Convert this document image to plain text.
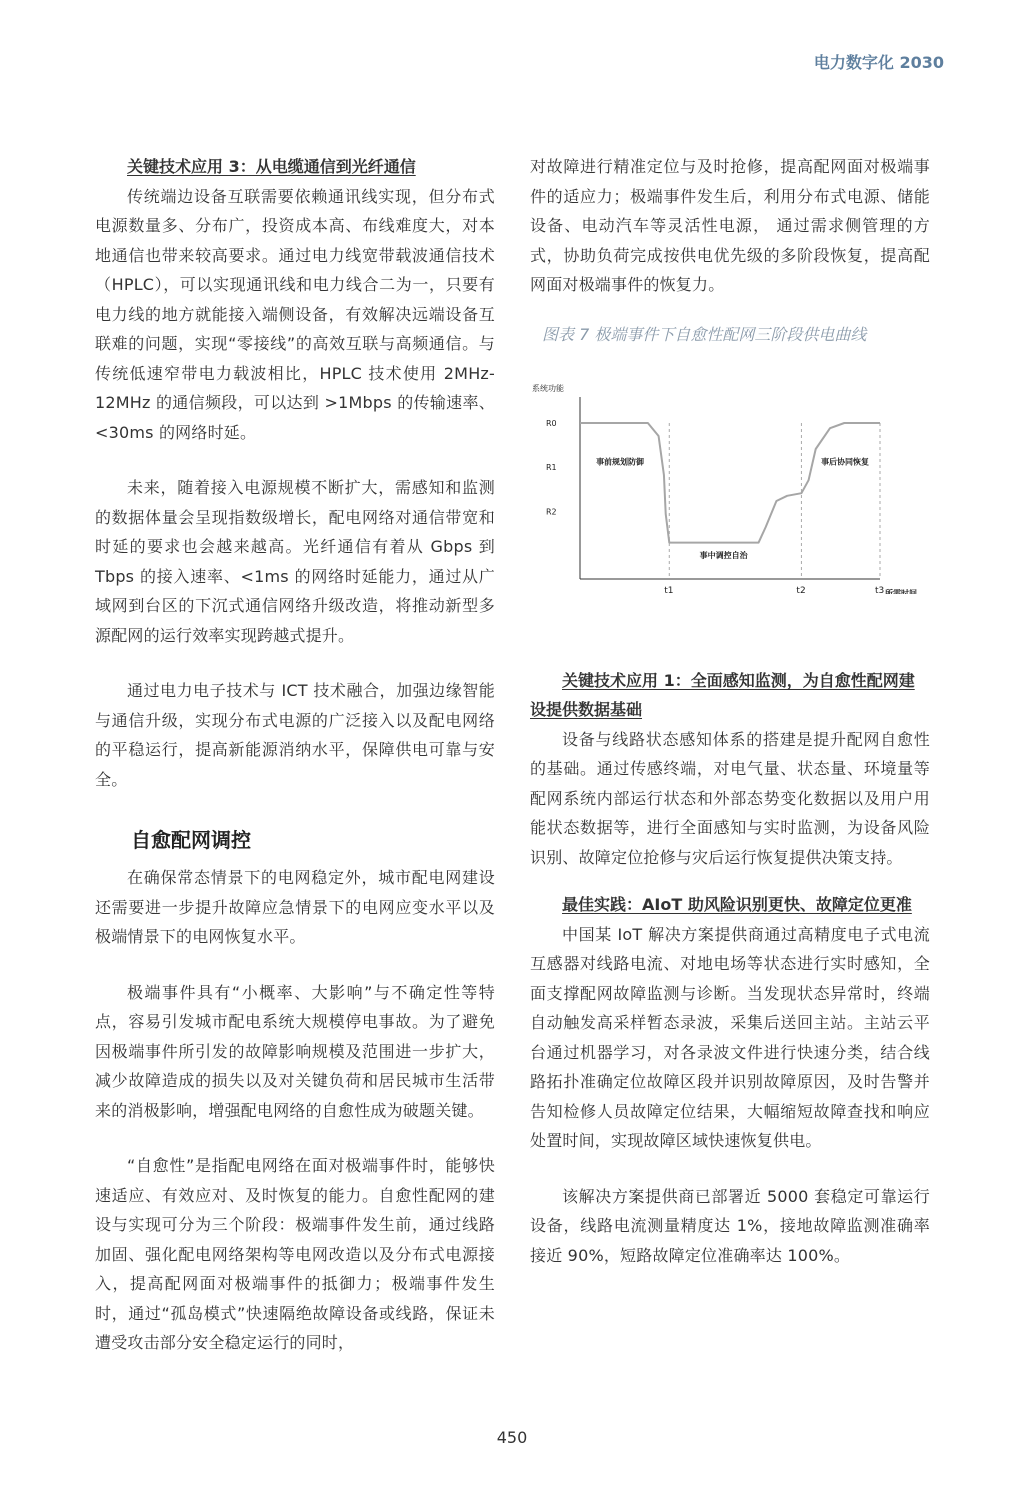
电力数字化 2030

关键技术应用 3：从电缆通信到光纤通信

传统端边设备互联需要依赖通讯线实现，但分布式电源数量多、分布广，投资成本高、布线难度大，对本地通信也带来较高要求。通过电力线宽带载波通信技术（HPLC），可以实现通讯线和电力线合二为一，只要有电力线的地方就能接入端侧设备，有效解决远端设备互联难的问题，实现“零接线”的高效互联与高频通信。与传统低速窄带电力载波相比，HPLC 技术使用 2MHz-12MHz 的通信频段，可以达到 >1Mbps 的传输速率、<30ms 的网络时延。

未来，随着接入电源规模不断扩大，需感知和监测的数据体量会呈现指数级增长，配电网络对通信带宽和时延的要求也会越来越高。光纤通信有着从 Gbps 到 Tbps 的接入速率、<1ms 的网络时延能力，通过从广域网到台区的下沉式通信网络升级改造，将推动新型多源配网的运行效率实现跨越式提升。

通过电力电子技术与 ICT 技术融合，加强边缘智能与通信升级，实现分布式电源的广泛接入以及配电网络的平稳运行，提高新能源消纳水平，保障供电可靠与安全。

自愈配网调控

在确保常态情景下的电网稳定外，城市配电网建设还需要进一步提升故障应急情景下的电网应变水平以及极端情景下的电网恢复水平。

极端事件具有“小概率、大影响”与不确定性等特点，容易引发城市配电系统大规模停电事故。为了避免因极端事件所引发的故障影响规模及范围进一步扩大，减少故障造成的损失以及对关键负荷和居民城市生活带来的消极影响，增强配电网络的自愈性成为破题关键。

“自愈性”是指配电网络在面对极端事件时，能够快速适应、有效应对、及时恢复的能力。自愈性配网的建设与实现可分为三个阶段：极端事件发生前，通过线路加固、强化配电网络架构等电网改造以及分布式电源接入，提高配网面对极端事件的抵御力；极端事件发生时，通过“孤岛模式”快速隔绝故障设备或线路，保证未遭受攻击部分安全稳定运行的同时，

对故障进行精准定位与及时抢修，提高配网面对极端事件的适应力；极端事件发生后，利用分布式电源、储能设备、电动汽车等灵活性电源， 通过需求侧管理的方式，协助负荷完成按供电优先级的多阶段恢复，提高配网面对极端事件的恢复力。

图表 7 极端事件下自愈性配网三阶段供电曲线
系统功能
所需时间
R0
R1
R2
t1	t2	t3
事前规划防御
事中调控自治
事后协同恢复

关键技术应用 1：全面感知监测，为自愈性配网建设提供数据基础

设备与线路状态感知体系的搭建是提升配网自愈性的基础。通过传感终端，对电气量、状态量、环境量等配网系统内部运行状态和外部态势变化数据以及用户用能状态数据等，进行全面感知与实时监测，为设备风险识别、故障定位抢修与灾后运行恢复提供决策支持。

最佳实践：AIoT 助风险识别更快、故障定位更准

中国某 IoT 解决方案提供商通过高精度电子式电流互感器对线路电流、对地电场等状态进行实时感知，全面支撑配网故障监测与诊断。当发现状态异常时，终端自动触发高采样暂态录波，采集后送回主站。主站云平台通过机器学习，对各录波文件进行快速分类，结合线路拓扑准确定位故障区段并识别故障原因，及时告警并告知检修人员故障定位结果，大幅缩短故障查找和响应处置时间，实现故障区域快速恢复供电。

该解决方案提供商已部署近 5000 套稳定可靠运行设备，线路电流测量精度达 1%，接地故障监测准确率接近 90%，短路故障定位准确率达 100%。

450
